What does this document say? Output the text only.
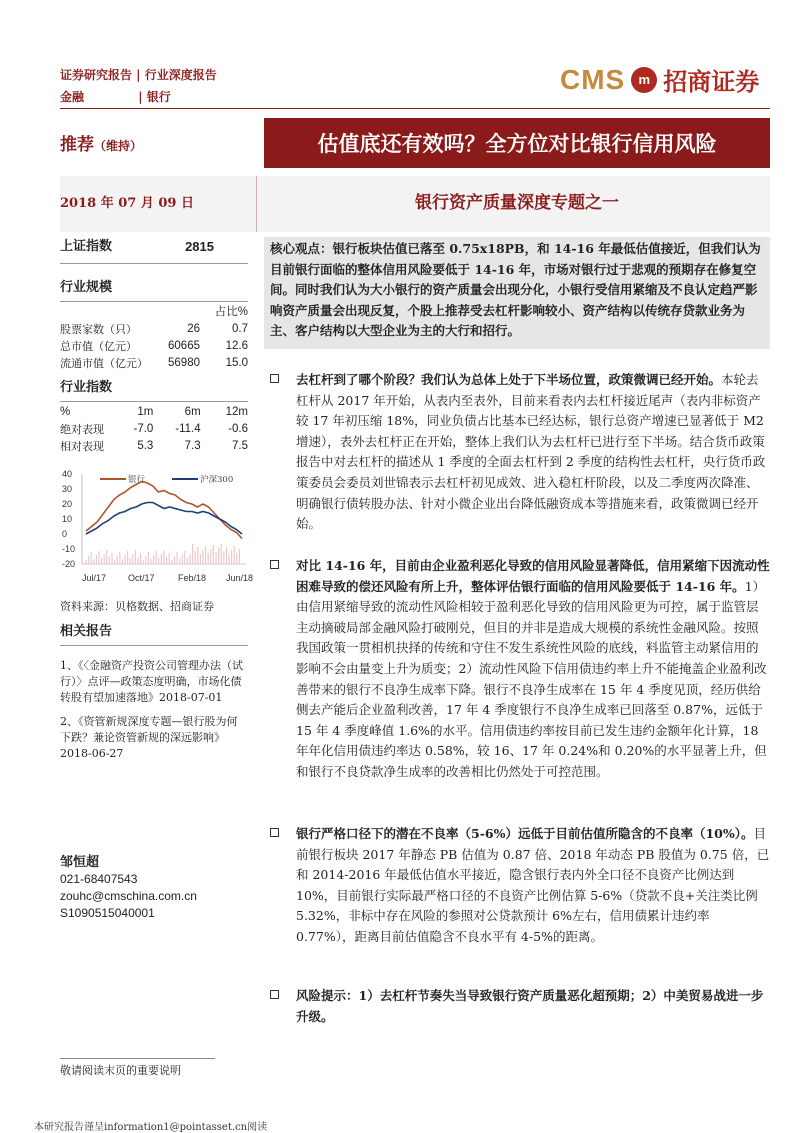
证券研究报告 | 行业深度报告
金融	| 银行
CMS	m 招商证券
推荐（维持）	估值底还有效吗？全方位对比银行信用风险
2018 年 07 月 09 日	银行资产质量深度专题之一
上证指数	2815
行业规模
占比%
股票家数（只）	26	0.7
总市值（亿元）	60665	12.6
流通市值（亿元）	56980	15.0
行业指数
%	1m	6m	12m
绝对表现	-7.0	-11.4	-0.6
相对表现	5.3	7.3	7.5
40
30
20
10
0
-10
-20
银行	沪深300
Jul/17 Oct/17	Feb/18 Jun/18
资料来源：贝格数据、招商证券
相关报告
1、《〈金融资产投资公司管理办法（试行）〉点评—政策态度明确，市场化债转股有望加速落地》2018-07-01
2、《资管新规深度专题—银行股为何下跌？兼论资管新规的深远影响》2018-06-27
邹恒超
021-68407543
zouhc@cmschina.com.cn
S1090515040001
核心观点：银行板块估值已落至 0.75x18PB，和 14-16 年最低估值接近，但我们认为目前银行面临的整体信用风险要低于 14-16 年，市场对银行过于悲观的预期存在修复空间。同时我们认为大小银行的资产质量会出现分化，小银行受信用紧缩及不良认定趋严影响资产质量会出现反复，个股上推荐受去杠杆影响较小、资产结构以传统存贷款业务为主、客户结构以大型企业为主的大行和招行。
去杠杆到了哪个阶段？我们认为总体上处于下半场位置，政策微调已经开始。本轮去杠杆从 2017 年开始，从表内至表外，目前来看表内去杠杆接近尾声（表内非标资产较 17 年初压缩 18%，同业负债占比基本已经达标，银行总资产增速已显著低于 M2 增速），表外去杠杆正在开始，整体上我们认为去杠杆已进行至下半场。结合货币政策报告中对去杠杆的描述从 1 季度的全面去杠杆到 2 季度的结构性去杠杆，央行货币政策委员会委员刘世锦表示去杠杆初见成效、进入稳杠杆阶段，以及二季度两次降准、明确银行债转股办法、针对小微企业出台降低融资成本等措施来看，政策微调已经开始。
对比 14-16 年，目前由企业盈利恶化导致的信用风险显著降低，信用紧缩下因流动性困难导致的偿还风险有所上升，整体评估银行面临的信用风险要低于 14-16 年。1）由信用紧缩导致的流动性风险相较于盈利恶化导致的信用风险更为可控，属于监管层主动摘破局部金融风险打破刚兑，但目的并非是造成大规模的系统性金融风险。按照我国政策一贯相机抉择的传统和守住不发生系统性风险的底线，料监管主动紧信用的影响不会由量变上升为质变；2）流动性风险下信用债违约率上升不能掩盖企业盈利改善带来的银行不良净生成率下降。银行不良净生成率在 15 年 4 季度见顶，经历供给侧去产能后企业盈利改善，17 年 4 季度银行不良净生成率已回落至 0.87%，远低于 15 年 4 季度峰值 1.6%的水平。信用债违约率按目前已发生违约金额年化计算，18 年年化信用债违约率达 0.58%，较 16、17 年 0.24%和 0.20%的水平显著上升，但和银行不良贷款净生成率的改善相比仍然处于可控范围。
银行严格口径下的潜在不良率（5-6%）远低于目前估值所隐含的不良率（10%）。目前银行板块 2017 年静态 PB 估值为 0.87 倍、2018 年动态 PB 股值为 0.75 倍，已和 2014-2016 年最低估值水平接近，隐含银行表内外全口径不良资产比例达到 10%，目前银行实际最严格口径的不良资产比例估算 5-6%（贷款不良+关注类比例 5.32%，非标中存在风险的参照对公贷款预计 6%左右，信用债累计违约率 0.77%），距离目前估值隐含不良水平有 4-5%的距离。
风险提示：1）去杠杆节奏失当导致银行资产质量恶化超预期；2）中美贸易战进一步升级。
敬请阅读末页的重要说明
本研究报告谨呈information1@pointasset.cn阅读
